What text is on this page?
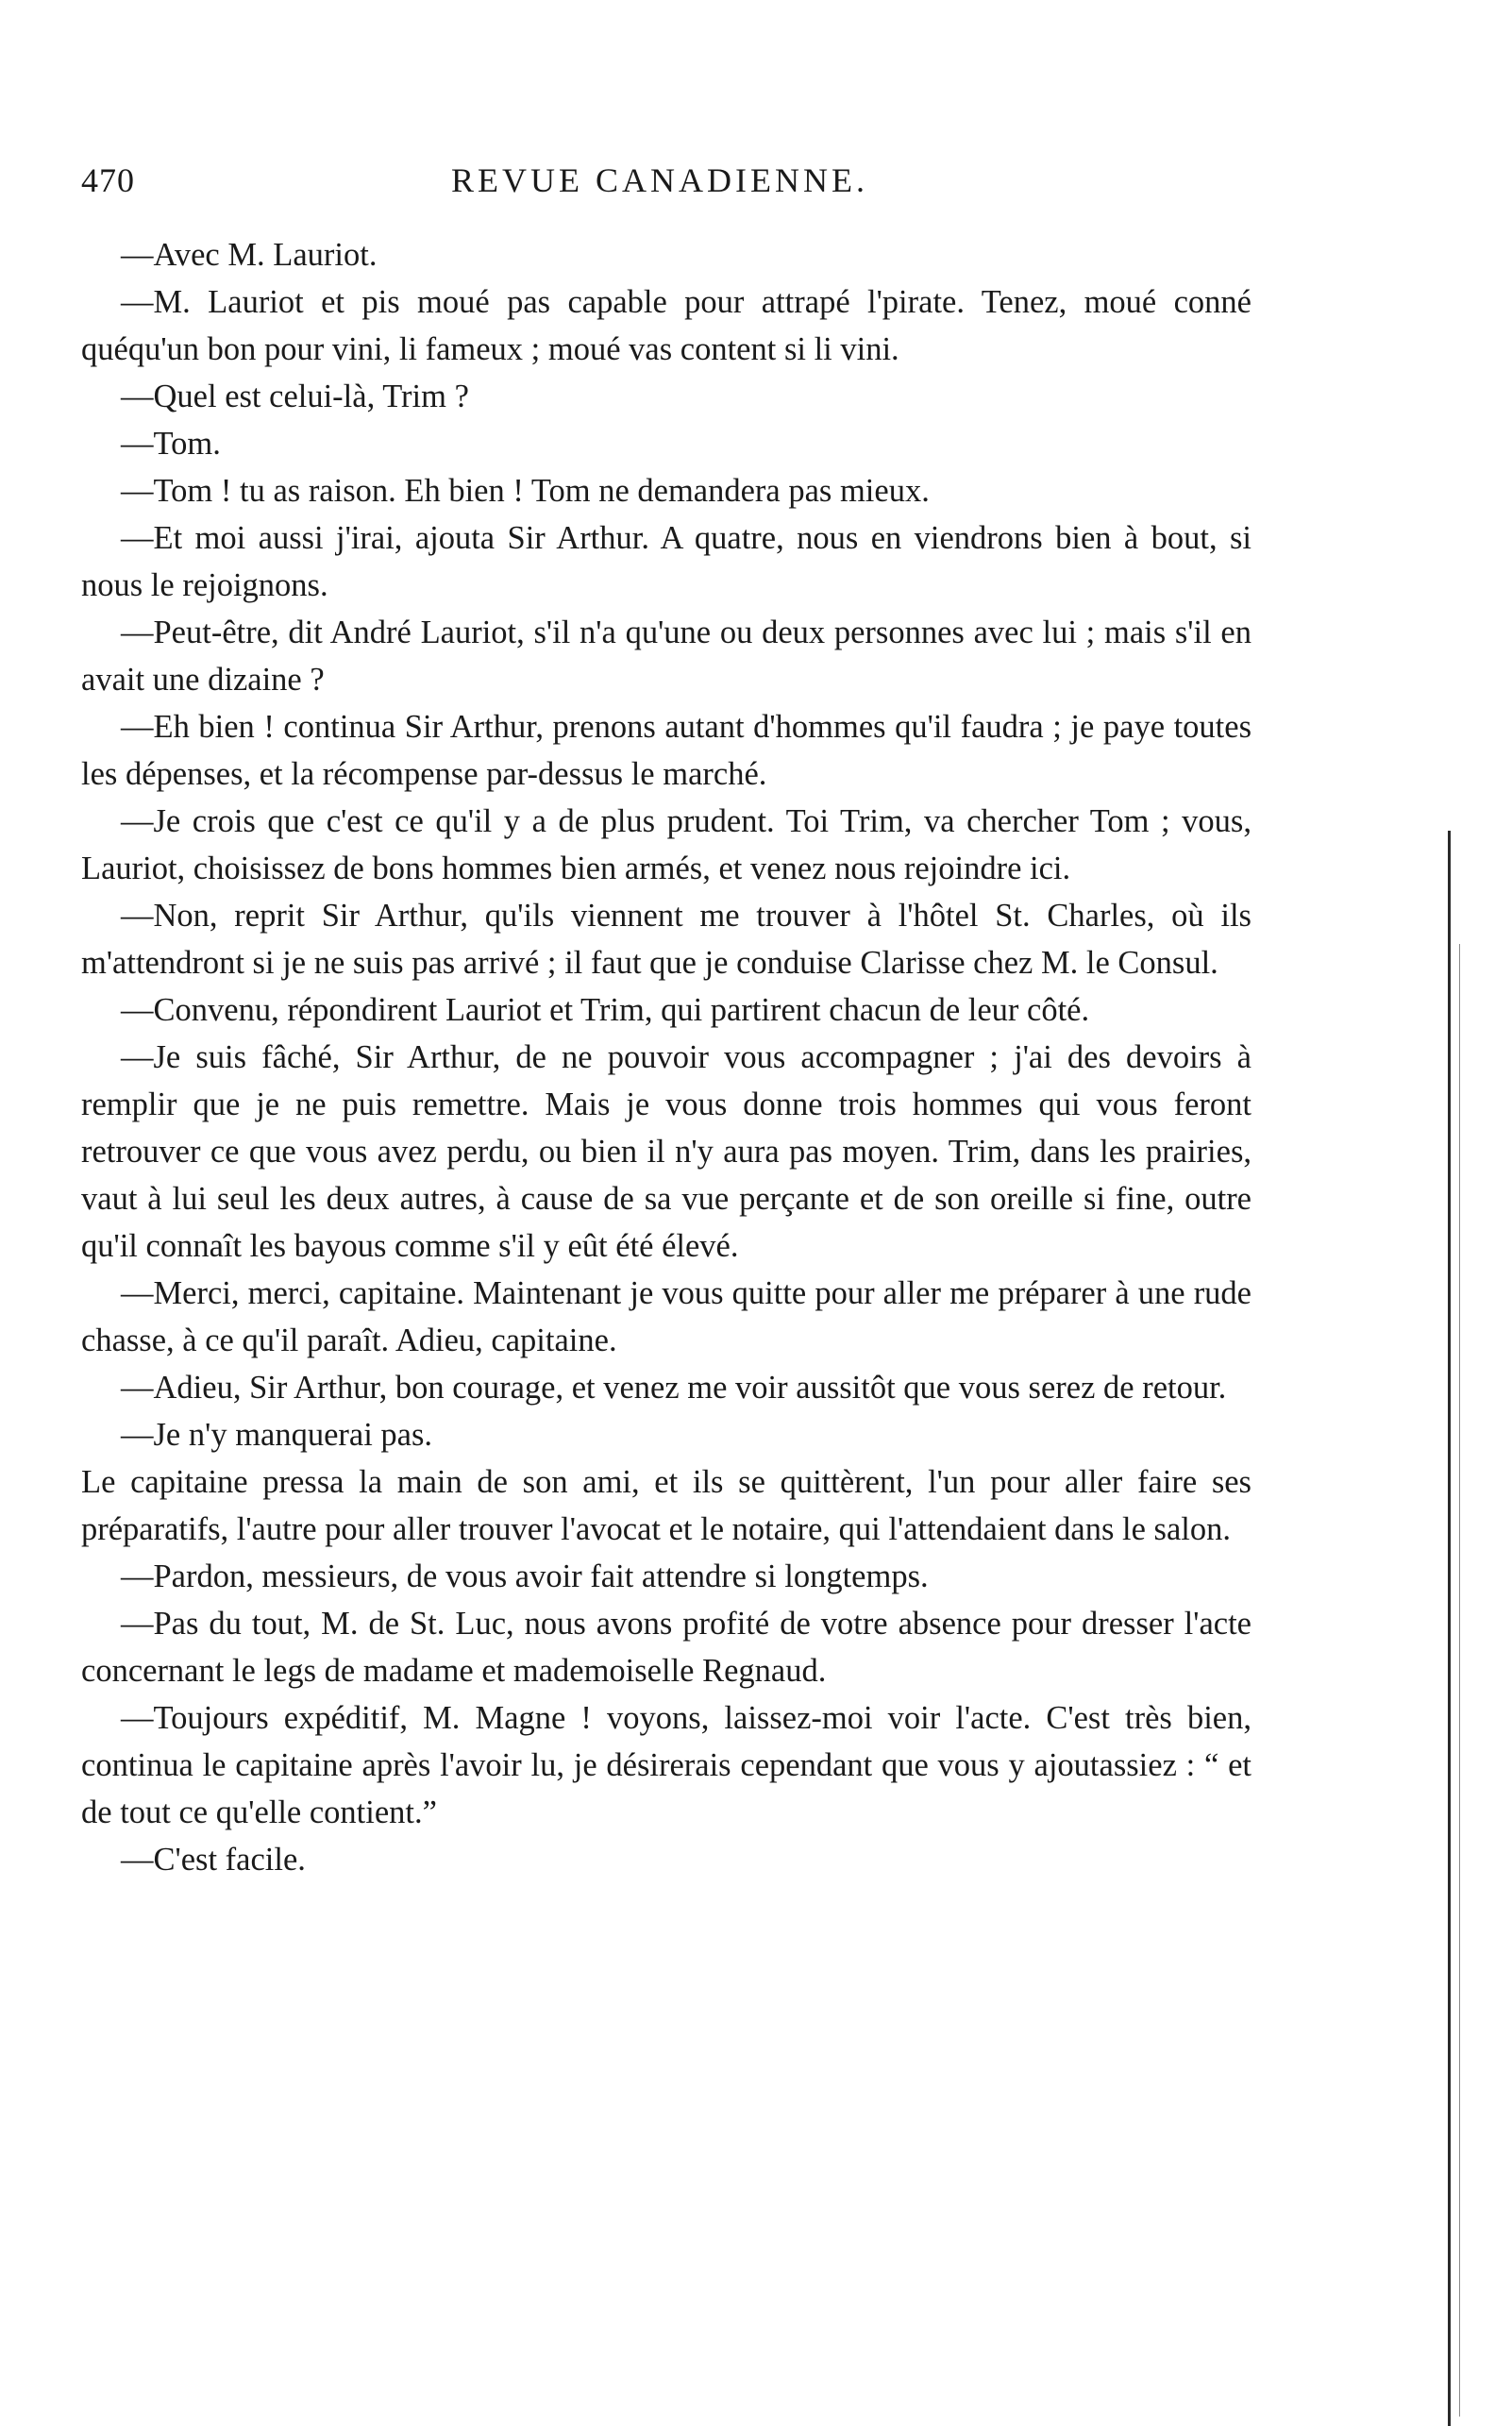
470	REVUE CANADIENNE.

—Avec M. Lauriot.

—M. Lauriot et pis moué pas capable pour attrapé l'pirate. Tenez, moué conné quéqu'un bon pour vini, li fameux ; moué vas content si li vini.

—Quel est celui-là, Trim ?

—Tom.

—Tom ! tu as raison. Eh bien ! Tom ne demandera pas mieux.

—Et moi aussi j'irai, ajouta Sir Arthur. A quatre, nous en viendrons bien à bout, si nous le rejoignons.

—Peut-être, dit André Lauriot, s'il n'a qu'une ou deux personnes avec lui ; mais s'il en avait une dizaine ?

—Eh bien ! continua Sir Arthur, prenons autant d'hommes qu'il faudra ; je paye toutes les dépenses, et la récompense par-dessus le marché.

—Je crois que c'est ce qu'il y a de plus prudent. Toi Trim, va chercher Tom ; vous, Lauriot, choisissez de bons hommes bien armés, et venez nous rejoindre ici.

—Non, reprit Sir Arthur, qu'ils viennent me trouver à l'hôtel St. Charles, où ils m'attendront si je ne suis pas arrivé ; il faut que je conduise Clarisse chez M. le Consul.

—Convenu, répondirent Lauriot et Trim, qui partirent chacun de leur côté.

—Je suis fâché, Sir Arthur, de ne pouvoir vous accompagner ; j'ai des devoirs à remplir que je ne puis remettre. Mais je vous donne trois hommes qui vous feront retrouver ce que vous avez perdu, ou bien il n'y aura pas moyen. Trim, dans les prairies, vaut à lui seul les deux autres, à cause de sa vue perçante et de son oreille si fine, outre qu'il connaît les bayous comme s'il y eût été élevé.

—Merci, merci, capitaine. Maintenant je vous quitte pour aller me préparer à une rude chasse, à ce qu'il paraît. Adieu, capitaine.

—Adieu, Sir Arthur, bon courage, et venez me voir aussitôt que vous serez de retour.

—Je n'y manquerai pas.

Le capitaine pressa la main de son ami, et ils se quittèrent, l'un pour aller faire ses préparatifs, l'autre pour aller trouver l'avocat et le notaire, qui l'attendaient dans le salon.

—Pardon, messieurs, de vous avoir fait attendre si longtemps.

—Pas du tout, M. de St. Luc, nous avons profité de votre absence pour dresser l'acte concernant le legs de madame et mademoiselle Regnaud.

—Toujours expéditif, M. Magne ! voyons, laissez-moi voir l'acte. C'est très bien, continua le capitaine après l'avoir lu, je désirerais cependant que vous y ajoutassiez : “ et de tout ce qu'elle contient.”

—C'est facile.
